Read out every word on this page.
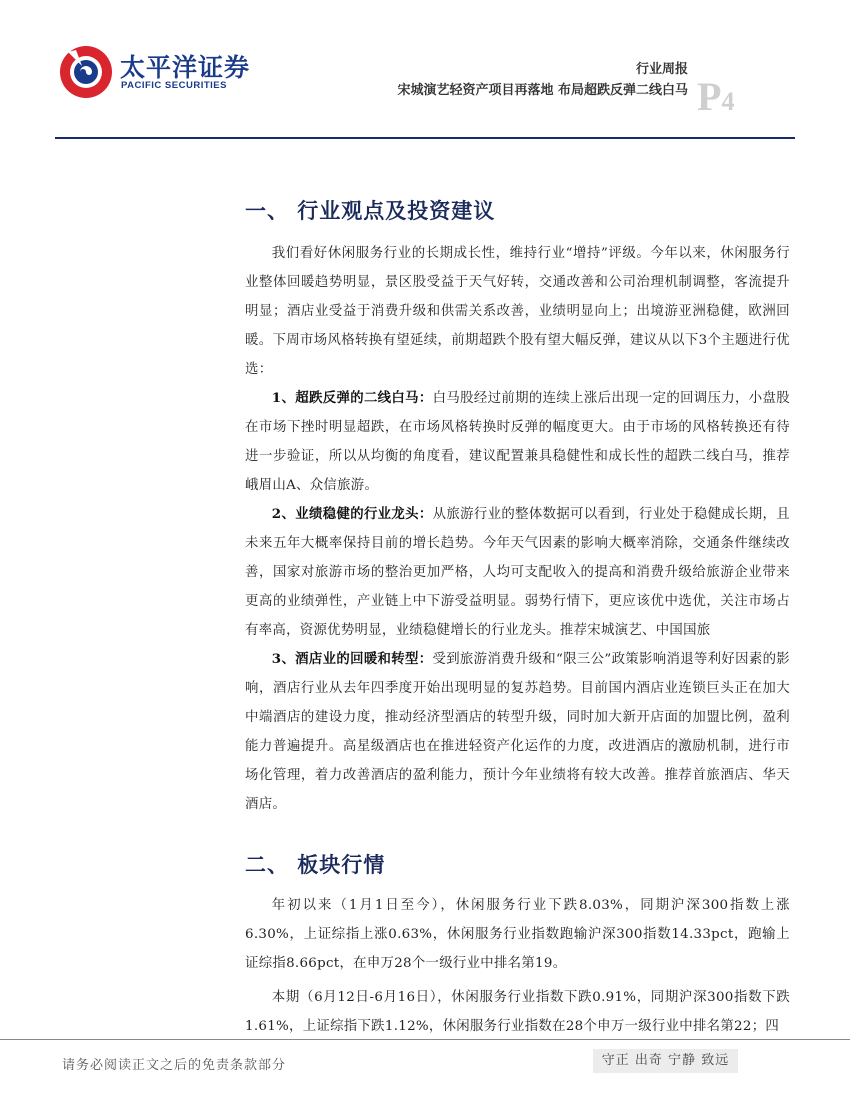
太平洋证券
PACIFIC SECURITIES
行业周报
宋城演艺轻资产项目再落地 布局超跌反弹二线白马 P4
一、 行业观点及投资建议

我们看好休闲服务行业的长期成长性，维持行业“增持”评级。今年以来，休闲服务行业整体回暖趋势明显，景区股受益于天气好转，交通改善和公司治理机制调整，客流提升明显；酒店业受益于消费升级和供需关系改善，业绩明显向上；出境游亚洲稳健，欧洲回暖。下周市场风格转换有望延续，前期超跌个股有望大幅反弹，建议从以下3个主题进行优选：

1、超跌反弹的二线白马：白马股经过前期的连续上涨后出现一定的回调压力，小盘股在市场下挫时明显超跌，在市场风格转换时反弹的幅度更大。由于市场的风格转换还有待进一步验证，所以从均衡的角度看，建议配置兼具稳健性和成长性的超跌二线白马，推荐峨眉山A、众信旅游。

2、业绩稳健的行业龙头：从旅游行业的整体数据可以看到，行业处于稳健成长期，且未来五年大概率保持目前的增长趋势。今年天气因素的影响大概率消除，交通条件继续改善，国家对旅游市场的整治更加严格，人均可支配收入的提高和消费升级给旅游企业带来更高的业绩弹性，产业链上中下游受益明显。弱势行情下，更应该优中选优，关注市场占有率高，资源优势明显，业绩稳健增长的行业龙头。推荐宋城演艺、中国国旅

3、酒店业的回暖和转型：受到旅游消费升级和“限三公”政策影响消退等利好因素的影响，酒店行业从去年四季度开始出现明显的复苏趋势。目前国内酒店业连锁巨头正在加大中端酒店的建设力度，推动经济型酒店的转型升级，同时加大新开店面的加盟比例，盈利能力普遍提升。高星级酒店也在推进轻资产化运作的力度，改进酒店的激励机制，进行市场化管理，着力改善酒店的盈利能力，预计今年业绩将有较大改善。推荐首旅酒店、华天酒店。

二、 板块行情

年初以来（1月1日至今），休闲服务行业下跌8.03%，同期沪深300指数上涨6.30%，上证综指上涨0.63%，休闲服务行业指数跑输沪深300指数14.33pct，跑输上证综指8.66pct，在申万28个一级行业中排名第19。

本期（6月12日-6月16日），休闲服务行业指数下跌0.91%，同期沪深300指数下跌1.61%，上证综指下跌1.12%，休闲服务行业指数在28个申万一级行业中排名第22；四

请务必阅读正文之后的免责条款部分	守正 出奇 宁静 致远
